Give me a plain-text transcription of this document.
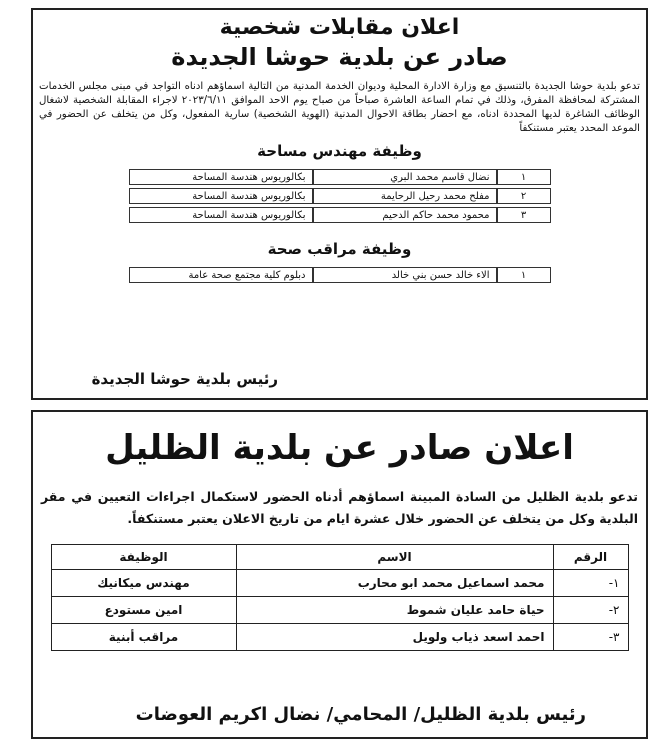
اعلان مقابلات شخصية
صادر عن بلدية حوشا الجديدة
تدعو بلدية حوشا الجديدة بالتنسيق مع وزارة الادارة المحلية وديوان الخدمة المدنية من التالية اسماؤهم ادناه التواجد في مبنى مجلس الخدمات المشتركة لمحافظة المفرق، وذلك في تمام الساعة العاشرة صباحاً من صباح يوم الاحد الموافق ٢٠٢٣/٦/١١ لاجراء المقابلة الشخصية لاشغال الوظائف الشاغرة لديها المحددة ادناه، مع احضار بطاقة الاحوال المدنية (الهوية الشخصية) سارية المفعول، وكل من يتخلف عن الحضور في الموعد المحدد يعتبر مستنكفاً
وظيفة مهندس مساحة
١	نضال قاسم محمد البري	بكالوريوس هندسة المساحة
٢	مفلح محمد رحيل الرحايمة	بكالوريوس هندسة المساحة
٣	محمود محمد حاكم الدحيم	بكالوريوس هندسة المساحة
وظيفة مراقب صحة
١	الاء خالد حسن بني خالد	دبلوم كلية مجتمع صحة عامة
رئيس بلدية حوشا الجديدة
اعلان صادر عن بلدية الظليل
تدعو بلدية الظليل من السادة المبينة اسماؤهم أدناه الحضور لاستكمال اجراءات التعيين في مقر البلدية وكل من يتخلف عن الحضور خلال عشرة ايام من تاريخ الاعلان يعتبر مستنكفاً.
الرقم	الاسم	الوظيفة
١-	محمد اسماعيل محمد ابو محارب	مهندس ميكانيك
٢-	حياة حامد عليان شموط	امين مستودع
٣-	احمد اسعد ذياب ولويل	مراقب أبنية
رئيس بلدية الظليل/ المحامي/ نضال اكريم العوضات
